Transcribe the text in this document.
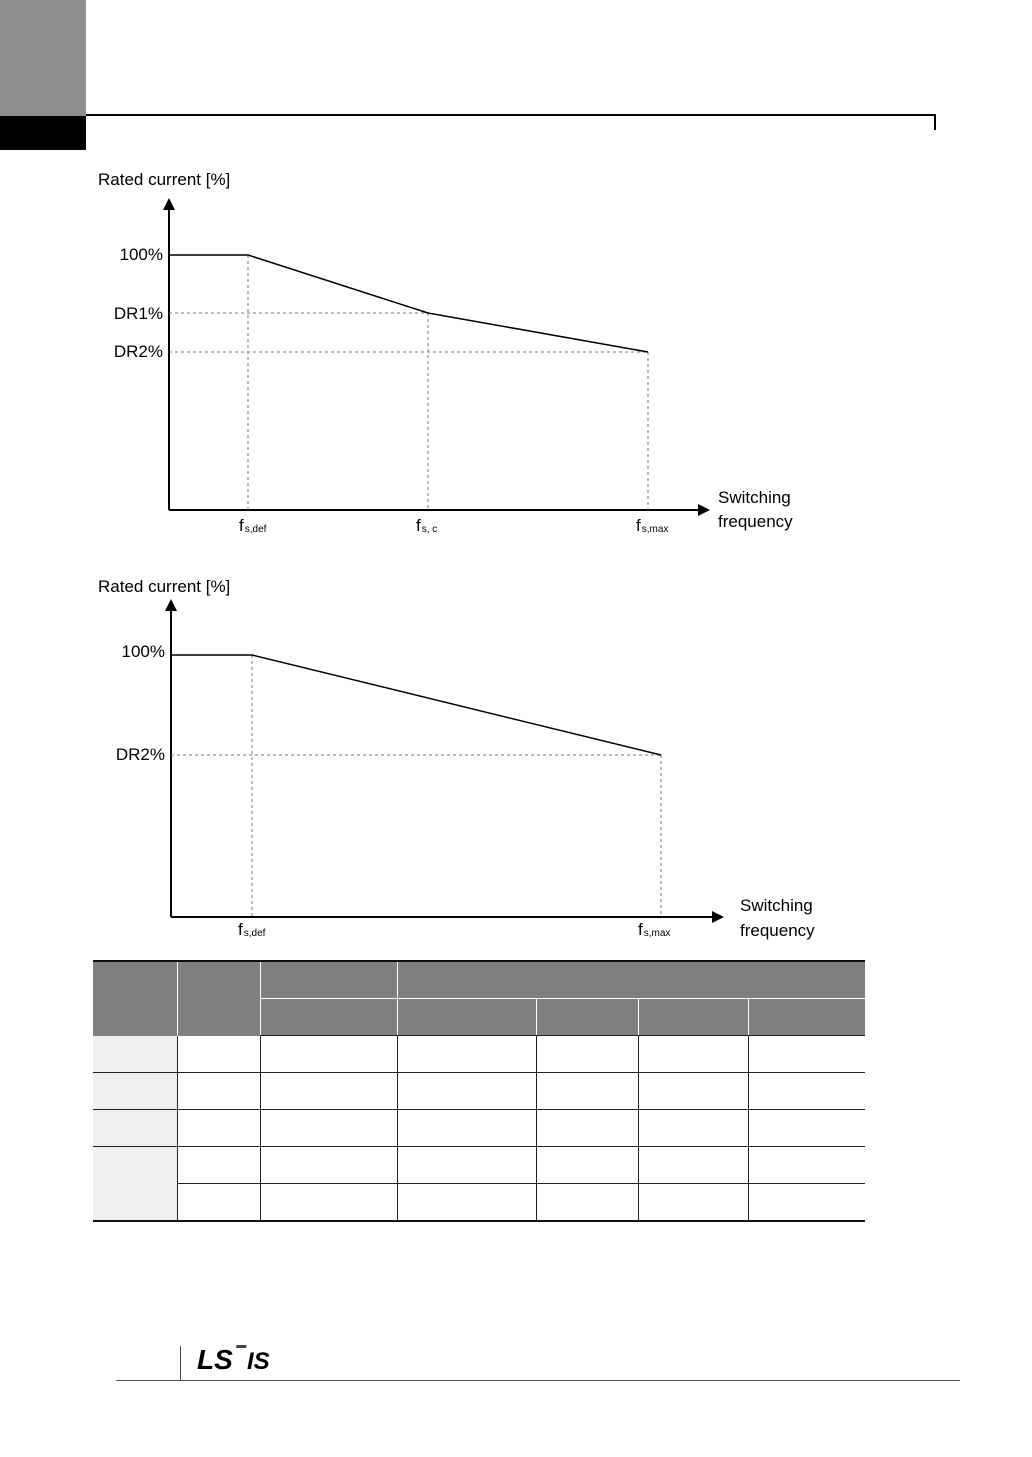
Rated current [%]
100%
DR1%
DR2%
fs,def	fs, c	fs,max
Switching frequency
Rated current [%]
100%
DR2%
fs,def	fs,max
Switching frequency

LS IS
